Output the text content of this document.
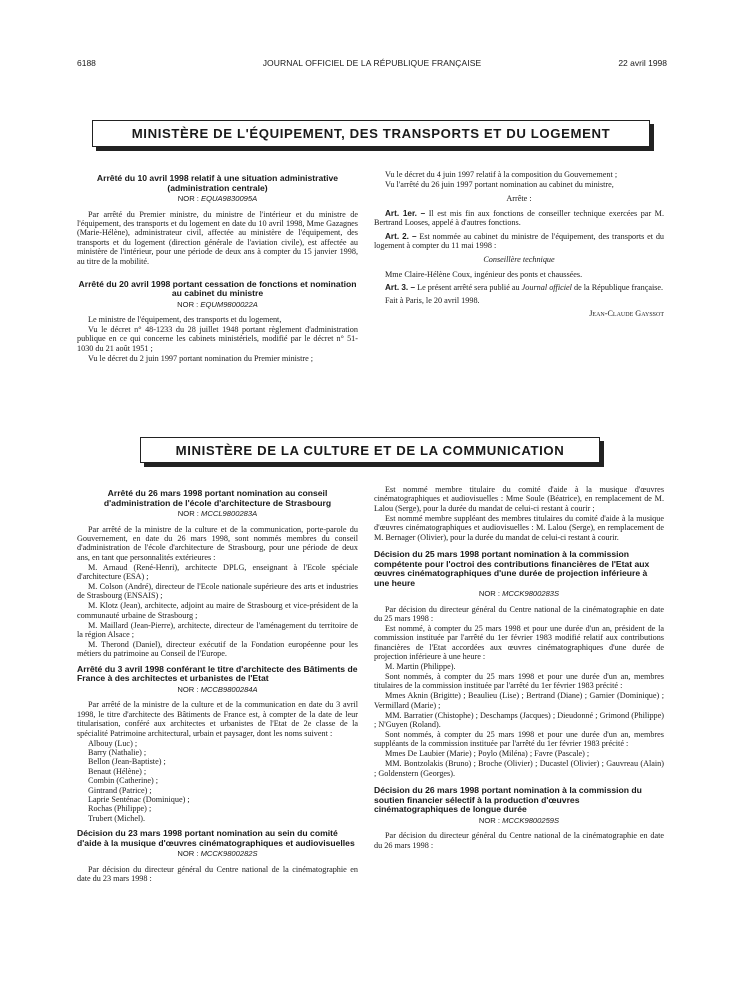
6188	JOURNAL OFFICIEL DE LA RÉPUBLIQUE FRANÇAISE	22 avril 1998
MINISTÈRE DE L'ÉQUIPEMENT, DES TRANSPORTS ET DU LOGEMENT
Arrêté du 10 avril 1998 relatif à une situation administrative (administration centrale)
NOR : EQUA9830095A

Par arrêté du Premier ministre, du ministre de l'intérieur et du ministre de l'équipement, des transports et du logement en date du 10 avril 1998, Mme Gazagnes (Marie-Hélène), administrateur civil, affectée au ministère de l'équipement, des transports et du logement (direction générale de l'aviation civile), est affectée au ministère de l'intérieur, pour une période de deux ans à compter du 15 janvier 1998, au titre de la mobilité.

Arrêté du 20 avril 1998 portant cessation de fonctions et nomination au cabinet du ministre
NOR : EQUM9800022A

Le ministre de l'équipement, des transports et du logement,

Vu le décret n° 48-1233 du 28 juillet 1948 portant règlement d'administration publique en ce qui concerne les cabinets ministériels, modifié par le décret n° 51-1030 du 21 août 1951 ;

Vu le décret du 2 juin 1997 portant nomination du Premier ministre ;

Vu le décret du 4 juin 1997 relatif à la composition du Gouvernement ;

Vu l'arrêté du 26 juin 1997 portant nomination au cabinet du ministre,

Arrête :

Art. 1er. – Il est mis fin aux fonctions de conseiller technique exercées par M. Bertrand Looses, appelé à d'autres fonctions.

Art. 2. – Est nommée au cabinet du ministre de l'équipement, des transports et du logement à compter du 11 mai 1998 :

Conseillère technique

Mme Claire-Hélène Coux, ingénieur des ponts et chaussées.

Art. 3. – Le présent arrêté sera publié au Journal officiel de la République française.

Fait à Paris, le 20 avril 1998.

Jean-Claude Gayssot

MINISTÈRE DE LA CULTURE ET DE LA COMMUNICATION
Arrêté du 26 mars 1998 portant nomination au conseil d'administration de l'école d'architecture de Strasbourg
NOR : MCCL9800283A

Par arrêté de la ministre de la culture et de la communication, porte-parole du Gouvernement, en date du 26 mars 1998, sont nommés membres du conseil d'administration de l'école d'architecture de Strasbourg, pour une période de deux ans, en tant que personnalités extérieures :

M. Arnaud (René-Henri), architecte DPLG, enseignant à l'Ecole spéciale d'architecture (ESA) ;

M. Colson (André), directeur de l'Ecole nationale supérieure des arts et industries de Strasbourg (ENSAIS) ;

M. Klotz (Jean), architecte, adjoint au maire de Strasbourg et vice-président de la communauté urbaine de Strasbourg ;

M. Maillard (Jean-Pierre), architecte, directeur de l'aménagement du territoire de la région Alsace ;

M. Therond (Daniel), directeur exécutif de la Fondation européenne pour les métiers du patrimoine au Conseil de l'Europe.

Arrêté du 3 avril 1998 conférant le titre d'architecte des Bâtiments de France à des architectes et urbanistes de l'Etat
NOR : MCCB9800284A

Par arrêté de la ministre de la culture et de la communication en date du 3 avril 1998, le titre d'architecte des Bâtiments de France est, à compter de la date de leur titularisation, conféré aux architectes et urbanistes de l'Etat de 2e classe de la spécialité Patrimoine architectural, urbain et paysager, dont les noms suivent :

Albouy (Luc) ;

Barry (Nathalie) ;

Bellon (Jean-Baptiste) ;

Benaut (Hélène) ;

Combin (Catherine) ;

Gintrand (Patrice) ;

Laprie Senténac (Dominique) ;

Rochas (Philippe) ;

Trubert (Michel).

Décision du 23 mars 1998 portant nomination au sein du comité d'aide à la musique d'œuvres cinématographiques et audiovisuelles
NOR : MCCK9800282S

Par décision du directeur général du Centre national de la cinématographie en date du 23 mars 1998 :

Est nommé membre titulaire du comité d'aide à la musique d'œuvres cinématographiques et audiovisuelles : Mme Soule (Béatrice), en remplacement de M. Lalou (Serge), pour la durée du mandat de celui-ci restant à courir ;

Est nommé membre suppléant des membres titulaires du comité d'aide à la musique d'œuvres cinématographiques et audiovisuelles : M. Lalou (Serge), en remplacement de M. Bernager (Olivier), pour la durée du mandat de celui-ci restant à courir.

Décision du 25 mars 1998 portant nomination à la commission compétente pour l'octroi des contributions financières de l'Etat aux œuvres cinématographiques d'une durée de projection inférieure à une heure
NOR : MCCK9800283S

Par décision du directeur général du Centre national de la cinématographie en date du 25 mars 1998 :

Est nommé, à compter du 25 mars 1998 et pour une durée d'un an, président de la commission instituée par l'arrêté du 1er février 1983 modifié relatif aux contributions financières de l'Etat accordées aux œuvres cinématographiques d'une durée de projection inférieure à une heure :

M. Martin (Philippe).

Sont nommés, à compter du 25 mars 1998 et pour une durée d'un an, membres titulaires de la commission instituée par l'arrêté du 1er février 1983 précité :

Mmes Aknin (Brigitte) ; Beaulieu (Lise) ; Bertrand (Diane) ; Garnier (Dominique) ; Vermillard (Marie) ;

MM. Barratier (Chistophe) ; Deschamps (Jacques) ; Dieudonné ; Grimond (Philippe) ; N'Guyen (Roland).

Sont nommés, à compter du 25 mars 1998 et pour une durée d'un an, membres suppléants de la commission instituée par l'arrêté du 1er février 1983 précité :

Mmes De Laubier (Marie) ; Poylo (Miléna) ; Favre (Pascale) ;

MM. Bontzolakis (Bruno) ; Broche (Olivier) ; Ducastel (Olivier) ; Gauvreau (Alain) ; Goldenstern (Georges).

Décision du 26 mars 1998 portant nomination à la commission du soutien financier sélectif à la production d'œuvres cinématographiques de longue durée
NOR : MCCK9800259S

Par décision du directeur général du Centre national de la cinématographie en date du 26 mars 1998 :
